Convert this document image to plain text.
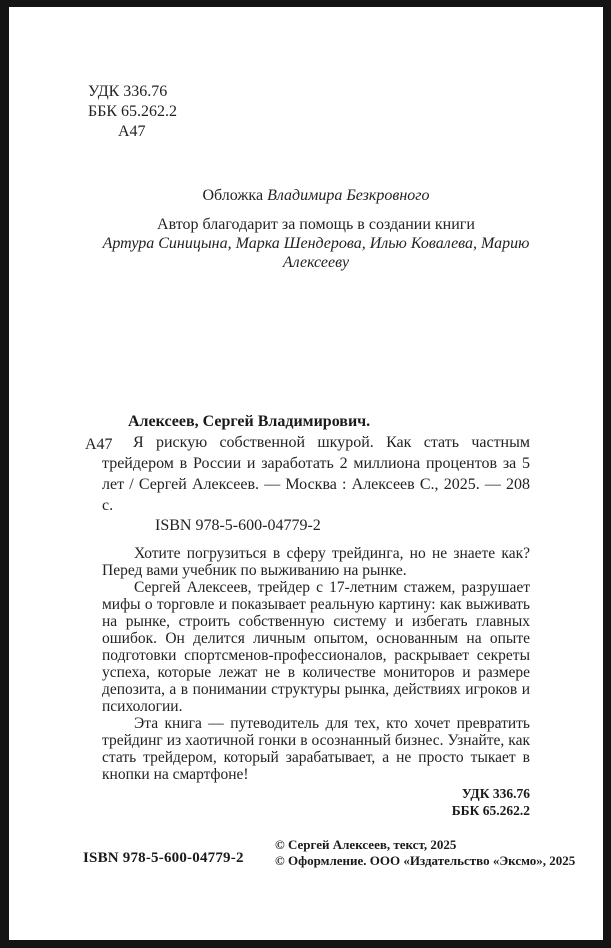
УДК 336.76
ББК 65.262.2
А47
Обложка Владимира Безкровного
Автор благодарит за помощь в создании книги
Артура Синицына, Марка Шендерова, Илью Ковалева, Марию Алексееву
А47

Алексеев, Сергей Владимирович.

Я рискую собственной шкурой. Как стать частным трейдером в России и заработать 2 миллиона процентов за 5 лет / Сергей Алексеев. — Москва : Алексеев С., 2025. — 208 с.

ISBN 978-5-600-04779-2

Хотите погрузиться в сферу трейдинга, но не знаете как? Перед вами учебник по выживанию на рынке.

Сергей Алексеев, трейдер с 17-летним стажем, разрушает мифы о торговле и показывает реальную картину: как выживать на рынке, строить собственную систему и избегать главных ошибок. Он делится личным опытом, основанным на опыте подготовки спортсменов-профессионалов, раскрывает секреты успеха, которые лежат не в количестве мониторов и размере депозита, а в понимании структуры рынка, действиях игроков и психологии.

Эта книга — путеводитель для тех, кто хочет превратить трейдинг из хаотичной гонки в осознанный бизнес. Узнайте, как стать трейдером, который зарабатывает, а не просто тыкает в кнопки на смартфоне!

УДК 336.76
ББК 65.262.2
ISBN 978-5-600-04779-2
© Сергей Алексеев, текст, 2025
© Оформление. ООО «Издательство «Эксмо», 2025
